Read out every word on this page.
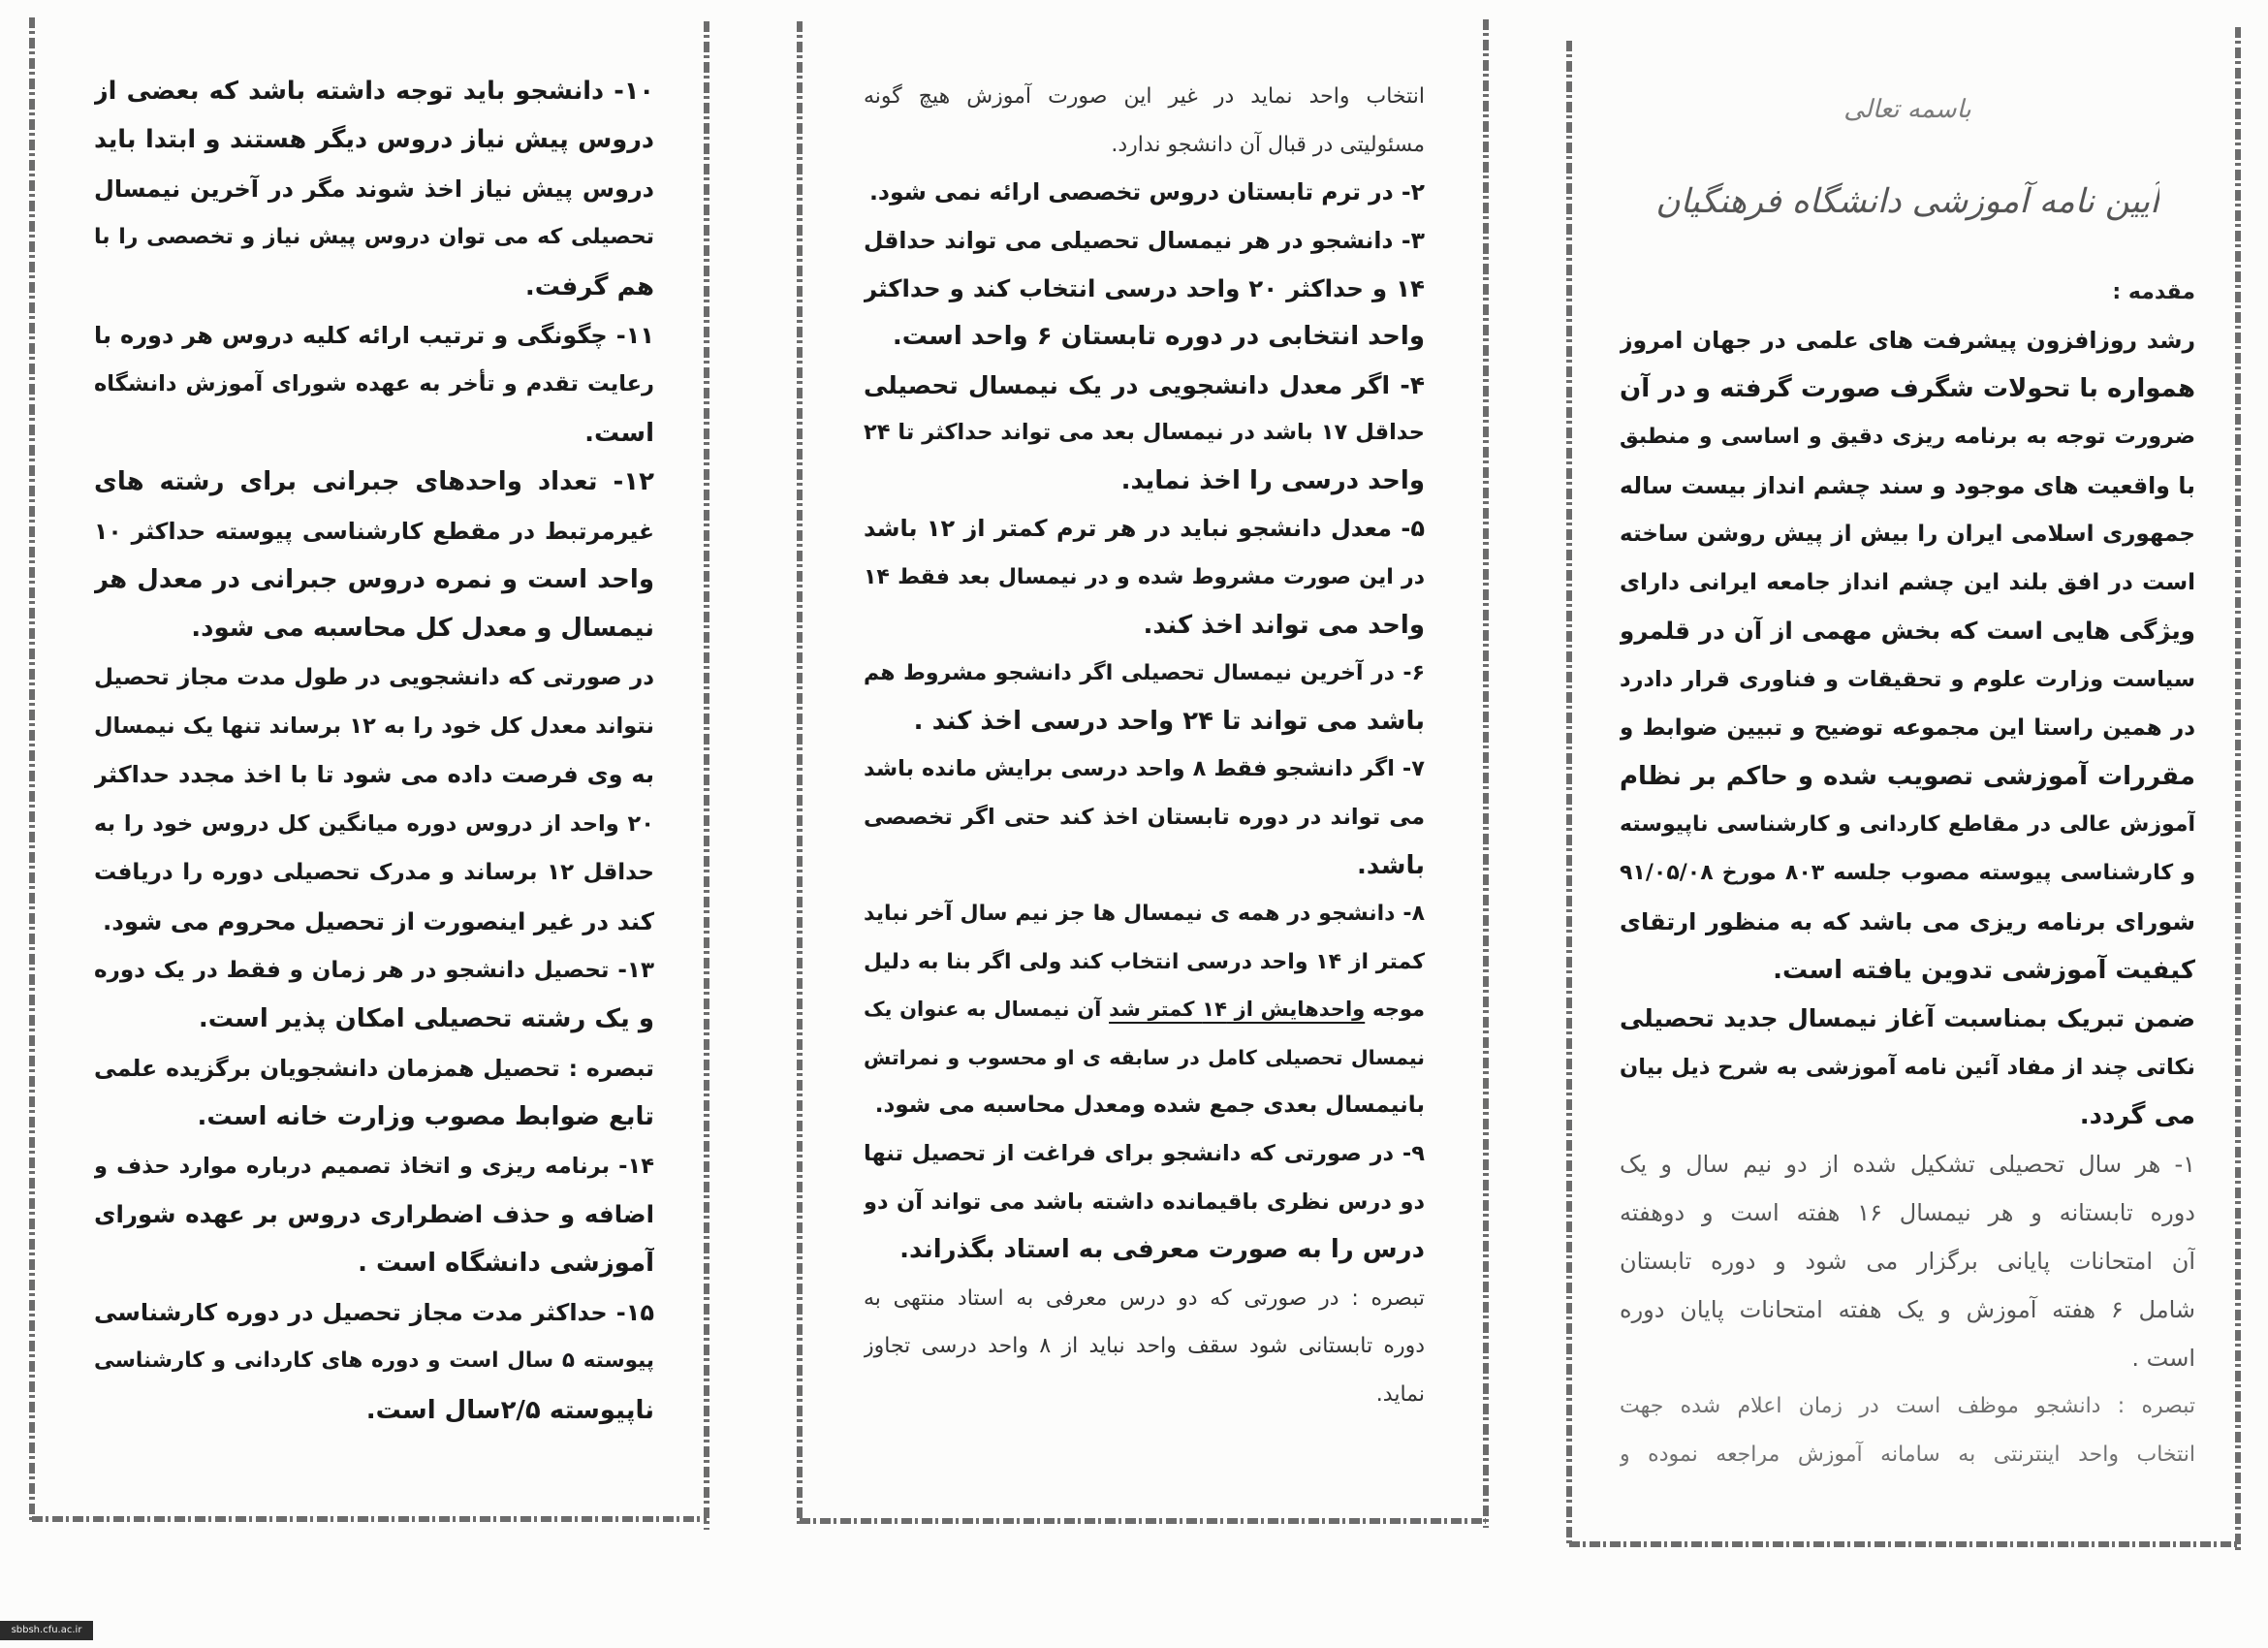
۱۰- دانشجو باید توجه داشته باشد که بعضی از
دروس پیش نیاز دروس دیگر هستند و ابتدا باید
دروس پیش نیاز اخذ شوند مگر در آخرین نیمسال
تحصیلی که می توان دروس پیش نیاز و تخصصی را با
هم گرفت.
۱۱- چگونگی و ترتیب ارائه کلیه دروس هر دوره با
رعایت تقدم و تأخر به عهده شورای آموزش دانشگاه
است.
۱۲- تعداد واحدهای جبرانی برای رشته های
غیرمرتبط در مقطع کارشناسی پیوسته حداکثر ۱۰
واحد است و نمره دروس جبرانی در معدل هر
نیمسال و معدل کل محاسبه می شود.
در صورتی که دانشجویی در طول مدت مجاز تحصیل
نتواند معدل کل خود را به ۱۲ برساند تنها یک نیمسال
به وی فرصت داده می شود تا با اخذ مجدد حداکثر
۲۰ واحد از دروس دوره میانگین کل دروس خود را به
حداقل ۱۲ برساند و مدرک تحصیلی دوره را دریافت
کند در غیر اینصورت از تحصیل محروم می شود.
۱۳- تحصیل دانشجو در هر زمان و فقط در یک دوره
و یک رشته تحصیلی امکان پذیر است.
تبصره : تحصیل همزمان دانشجویان برگزیده علمی
تابع ضوابط مصوب وزارت خانه است.
۱۴- برنامه ریزی و اتخاذ تصمیم درباره موارد حذف و
اضافه و حذف اضطراری دروس بر عهده شورای
آموزشی دانشگاه است .
۱۵- حداکثر مدت مجاز تحصیل در دوره کارشناسی
پیوسته ۵ سال است و دوره های کاردانی و کارشناسی
ناپیوسته ۲/۵سال است.
انتخاب واحد نماید در غیر این صورت آموزش هیچ گونه
مسئولیتی در قبال آن دانشجو ندارد.
۲- در ترم تابستان دروس تخصصی ارائه نمی شود.
۳- دانشجو در هر نیمسال تحصیلی می تواند حداقل
۱۴ و حداکثر ۲۰ واحد درسی انتخاب کند و حداکثر
واحد انتخابی در دوره تابستان ۶ واحد است.
۴- اگر معدل دانشجویی در یک نیمسال تحصیلی
حداقل ۱۷ باشد در نیمسال بعد می تواند حداکثر تا ۲۴
واحد درسی را اخذ نماید.
۵- معدل دانشجو نباید در هر ترم کمتر از ۱۲ باشد
در این صورت مشروط شده و در نیمسال بعد فقط ۱۴
واحد می تواند اخذ کند.
۶- در آخرین نیمسال تحصیلی اگر دانشجو مشروط هم
باشد می تواند تا ۲۴ واحد درسی اخذ کند .
۷- اگر دانشجو فقط ۸ واحد درسی برایش مانده باشد
می تواند در دوره تابستان اخذ کند حتی اگر تخصصی
باشد.
۸- دانشجو در همه ی نیمسال ها جز نیم سال آخر نباید
کمتر از ۱۴ واحد درسی انتخاب کند ولی اگر بنا به دلیل
موجه واحدهایش از ۱۴ کمتر شد آن نیمسال به عنوان یک
نیمسال تحصیلی کامل در سابقه ی او محسوب و نمراتش
بانیمسال بعدی جمع شده ومعدل محاسبه می شود.
۹- در صورتی که دانشجو برای فراغت از تحصیل تنها
دو درس نظری باقیمانده داشته باشد می تواند آن دو
درس را به صورت معرفی به استاد بگذراند.
تبصره : در صورتی که دو درس معرفی به استاد منتهی به
دوره تابستانی شود سقف واحد نباید از ۸ واحد درسی تجاوز
نماید.
باسمه تعالی
آیین نامه آموزشی دانشگاه فرهنگیان
مقدمه :
رشد روزافزون پیشرفت های علمی در جهان امروز
همواره با تحولات شگرف صورت گرفته و در آن
ضرورت توجه به برنامه ریزی دقیق و اساسی و منطبق
با واقعیت های موجود و سند چشم انداز بیست ساله
جمهوری اسلامی ایران را بیش از پیش روشن ساخته
است در افق بلند این چشم انداز جامعه ایرانی دارای
ویژگی هایی است که بخش مهمی از آن در قلمرو
سیاست وزارت علوم و تحقیقات و فناوری قرار دادرد
در همین راستا این مجموعه توضیح و تبیین ضوابط و
مقررات آموزشی تصویب شده و حاکم بر نظام
آموزش عالی در مقاطع کاردانی و کارشناسی ناپیوسته
و کارشناسی پیوسته مصوب جلسه ۸۰۳ مورخ ۹۱/۰۵/۰۸
شورای برنامه ریزی می باشد که به منظور ارتقای
کیفیت آموزشی تدوین یافته است.
ضمن تبریک بمناسبت آغاز نیمسال جدید تحصیلی
نکاتی چند از مفاد آئین نامه آموزشی به شرح ذیل بیان
می گردد.
۱- هر سال تحصیلی تشکیل شده از دو نیم سال و یک
دوره تابستانه و هر نیمسال ۱۶ هفته است و دوهفته
آن امتحانات پایانی برگزار می شود و دوره تابستان
شامل ۶ هفته آموزش و یک هفته امتحانات پایان دوره
است .
تبصره : دانشجو موظف است در زمان اعلام شده جهت
انتخاب واحد اینترنتی به سامانه آموزش مراجعه نموده و
sbbsh.cfu.ac.ir
